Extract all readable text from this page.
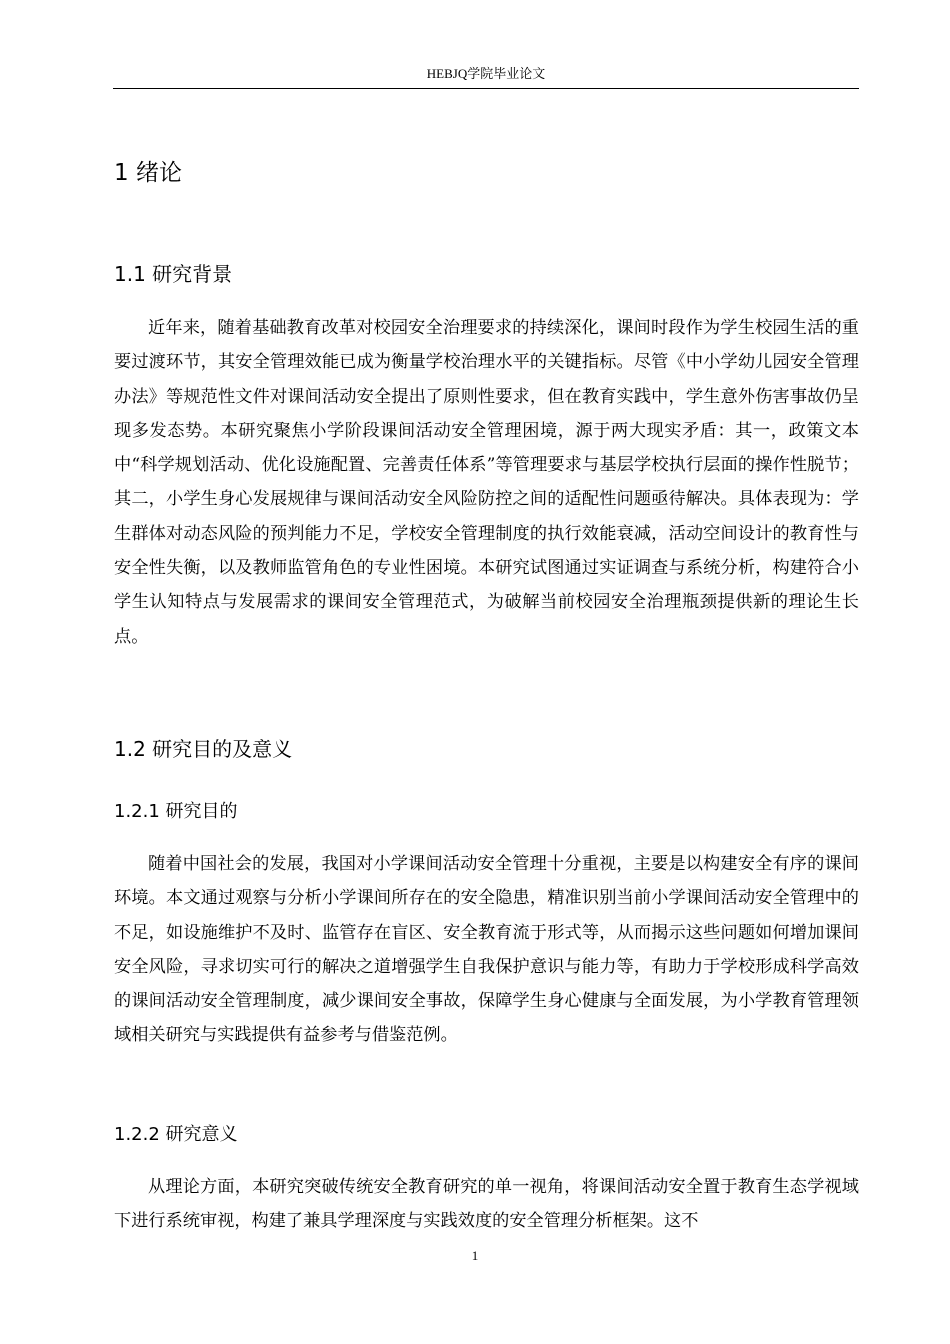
HEBJQ学院毕业论文
1 绪论
1.1 研究背景

近年来，随着基础教育改革对校园安全治理要求的持续深化，课间时段作为学生校园生活的重要过渡环节，其安全管理效能已成为衡量学校治理水平的关键指标。尽管《中小学幼儿园安全管理办法》等规范性文件对课间活动安全提出了原则性要求，但在教育实践中，学生意外伤害事故仍呈现多发态势。本研究聚焦小学阶段课间活动安全管理困境，源于两大现实矛盾：其一，政策文本中“科学规划活动、优化设施配置、完善责任体系”等管理要求与基层学校执行层面的操作性脱节；其二，小学生身心发展规律与课间活动安全风险防控之间的适配性问题亟待解决。具体表现为：学生群体对动态风险的预判能力不足，学校安全管理制度的执行效能衰减，活动空间设计的教育性与安全性失衡，以及教师监管角色的专业性困境。本研究试图通过实证调查与系统分析，构建符合小学生认知特点与发展需求的课间安全管理范式，为破解当前校园安全治理瓶颈提供新的理论生长点。

1.2 研究目的及意义
1.2.1 研究目的

随着中国社会的发展，我国对小学课间活动安全管理十分重视，主要是以构建安全有序的课间环境。本文通过观察与分析小学课间所存在的安全隐患，精准识别当前小学课间活动安全管理中的不足，如设施维护不及时、监管存在盲区、安全教育流于形式等，从而揭示这些问题如何增加课间安全风险，寻求切实可行的解决之道增强学生自我保护意识与能力等，有助力于学校形成科学高效的课间活动安全管理制度，减少课间安全事故，保障学生身心健康与全面发展，为小学教育管理领域相关研究与实践提供有益参考与借鉴范例。

1.2.2 研究意义

从理论方面，本研究突破传统安全教育研究的单一视角，将课间活动安全置于教育生态学视域下进行系统审视，构建了兼具学理深度与实践效度的安全管理分析框架。这不

1
